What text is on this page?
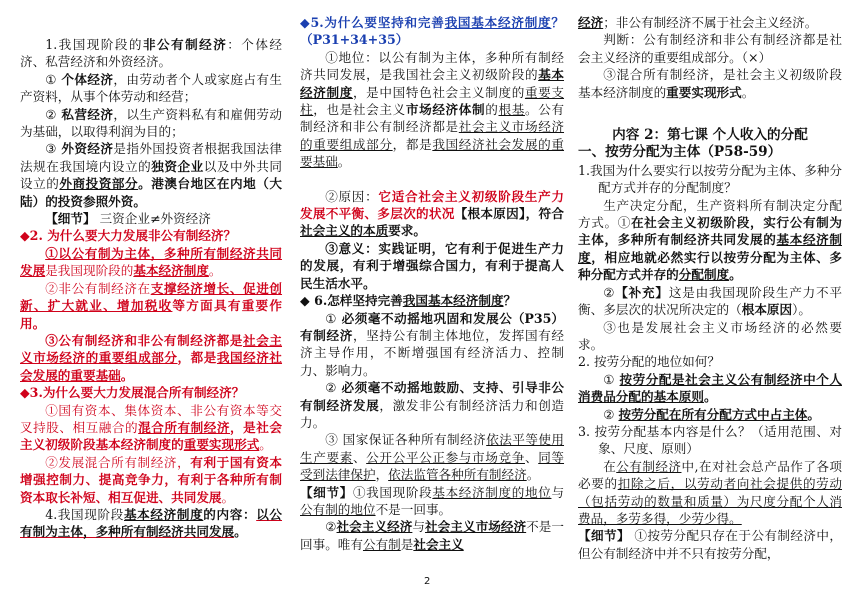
1.我国现阶段的非公有制经济：个体经济、私营经济和外资经济。

① 个体经济，由劳动者个人或家庭占有生产资料，从事个体劳动和经营；

② 私营经济，以生产资料私有和雇佣劳动为基础，以取得利润为目的；

③ 外资经济是指外国投资者根据我国法律法规在我国境内设立的独资企业以及中外共同设立的外商投资部分。港澳台地区在内地（大陆）的投资参照外资。

【细节】 三资企业≠外资经济

◆2. 为什么要大力发展非公有制经济？

①以公有制为主体，多种所有制经济共同发展是我国现阶段的基本经济制度。

②非公有制经济在支撑经济增长、促进创新、扩大就业、增加税收等方面具有重要作用。

③公有制经济和非公有制经济都是社会主义市场经济的重要组成部分，都是我国经济社会发展的重要基础。

◆3.为什么要大力发展混合所有制经济？

①国有资本、集体资本、非公有资本等交叉持股、相互融合的混合所有制经济，是社会主义初级阶段基本经济制度的重要实现形式。

②发展混合所有制经济，有利于国有资本增强控制力、提高竞争力，有利于各种所有制资本取长补短、相互促进、共同发展。

4.我国现阶段基本经济制度的内容：以公有制为主体，多种所有制经济共同发展。

◆5.为什么要坚持和完善我国基本经济制度？（P31+34+35）

①地位：以公有制为主体，多种所有制经济共同发展，是我国社会主义初级阶段的基本经济制度，是中国特色社会主义制度的重要支柱，也是社会主义市场经济体制的根基。公有制经济和非公有制经济都是社会主义市场经济的重要组成部分，都是我国经济社会发展的重要基础。

②原因：它适合社会主义初级阶段生产力发展不平衡、多层次的状况【根本原因】，符合社会主义的本质要求。

③意义：实践证明，它有利于促进生产力的发展，有利于增强综合国力，有利于提高人民生活水平。

◆ 6.怎样坚持完善我国基本经济制度？
（P35）

① 必须毫不动摇地巩固和发展公有制经济，坚持公有制主体地位，发挥国有经济主导作用，不断增强国有经济活力、控制力、影响力。

② 必须毫不动摇地鼓励、支持、引导非公有制经济发展，激发非公有制经济活力和创造力。

③ 国家保证各种所有制经济依法平等使用生产要素、公开公平公正参与市场竞争、同等受到法律保护，依法监管各种所有制经济。

【细节】①我国现阶段基本经济制度的地位与公有制的地位不是一回事。

②社会主义经济与社会主义市场经济不是一回事。唯有公有制是社会主义

经济；非公有制经济不属于社会主义经济。

判断：公有制经济和非公有制经济都是社会主义经济的重要组成部分。（×）

③混合所有制经济，是社会主义初级阶段基本经济制度的重要实现形式。

内容 2：第七课 个人收入的分配

一、按劳分配为主体（P58-59）

1.我国为什么要实行以按劳分配为主体、多种分配方式并存的分配制度？

生产决定分配，生产资料所有制决定分配方式。①在社会主义初级阶段，实行公有制为主体，多种所有制经济共同发展的基本经济制度，相应地就必然实行以按劳分配为主体、多种分配方式并存的分配制度。

②【补充】这是由我国现阶段生产力不平衡、多层次的状况所决定的（根本原因）。

③也是发展社会主义市场经济的必然要求。

2. 按劳分配的地位如何？

① 按劳分配是社会主义公有制经济中个人消费品分配的基本原则。

② 按劳分配在所有分配方式中占主体。

3. 按劳分配基本内容是什么？（适用范围、对象、尺度、原则）

在公有制经济中,在对社会总产品作了各项必要的扣除之后，以劳动者向社会提供的劳动（包括劳动的数量和质量）为尺度分配个人消费品，多劳多得，少劳少得。

【细节】 ①按劳分配只存在于公有制经济中，但公有制经济中并不只有按劳分配，

2
